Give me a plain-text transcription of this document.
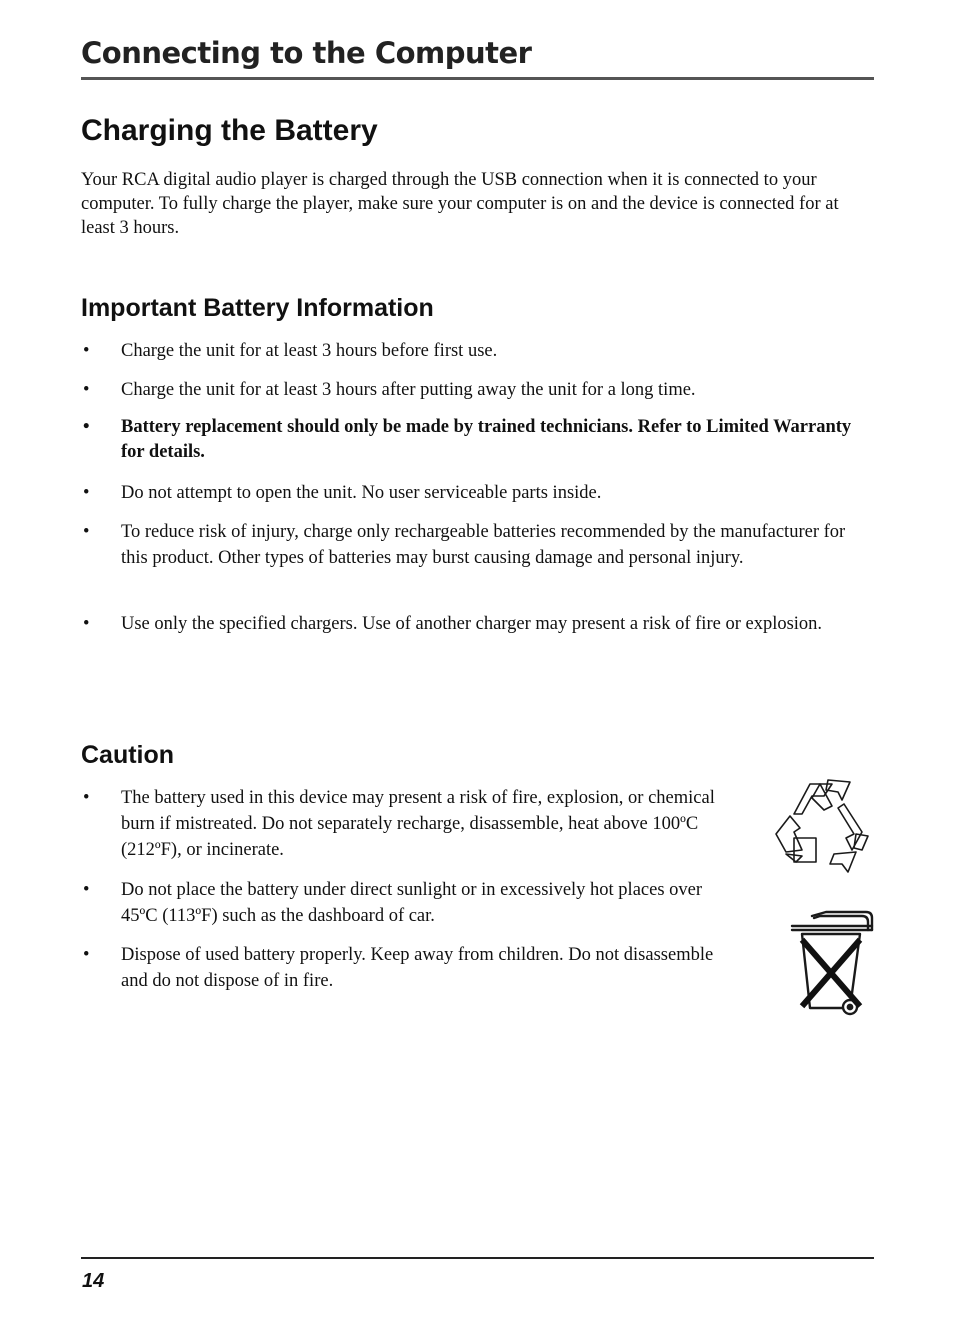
Connecting to the Computer
Charging the Battery

Your RCA digital audio player is charged through the USB connection when it is connected to your computer. To fully charge the player, make sure your computer is on and the device is connected for at least 3 hours.

Important Battery Information
• Charge the unit for at least 3 hours before first use.
• Charge the unit for at least 3 hours after putting away the unit for a long time.
• Battery replacement should only be made by trained technicians. Refer to Limited Warranty for details.
• Do not attempt to open the unit. No user serviceable parts inside.
• To reduce risk of injury, charge only rechargeable batteries recommended by the manufacturer for this product. Other types of batteries may burst causing damage and personal injury.
• Use only the specified chargers. Use of another charger may present a risk of fire or explosion.
Caution
• The battery used in this device may present a risk of fire, explosion, or chemical burn if mistreated. Do not separately recharge, disassemble, heat above 100ºC (212ºF), or incinerate.
• Do not place the battery under direct sunlight or in excessively hot places over 45ºC (113ºF) such as the dashboard of car.
• Dispose of used battery properly. Keep away from children. Do not disassemble and do not dispose of in fire.
14
